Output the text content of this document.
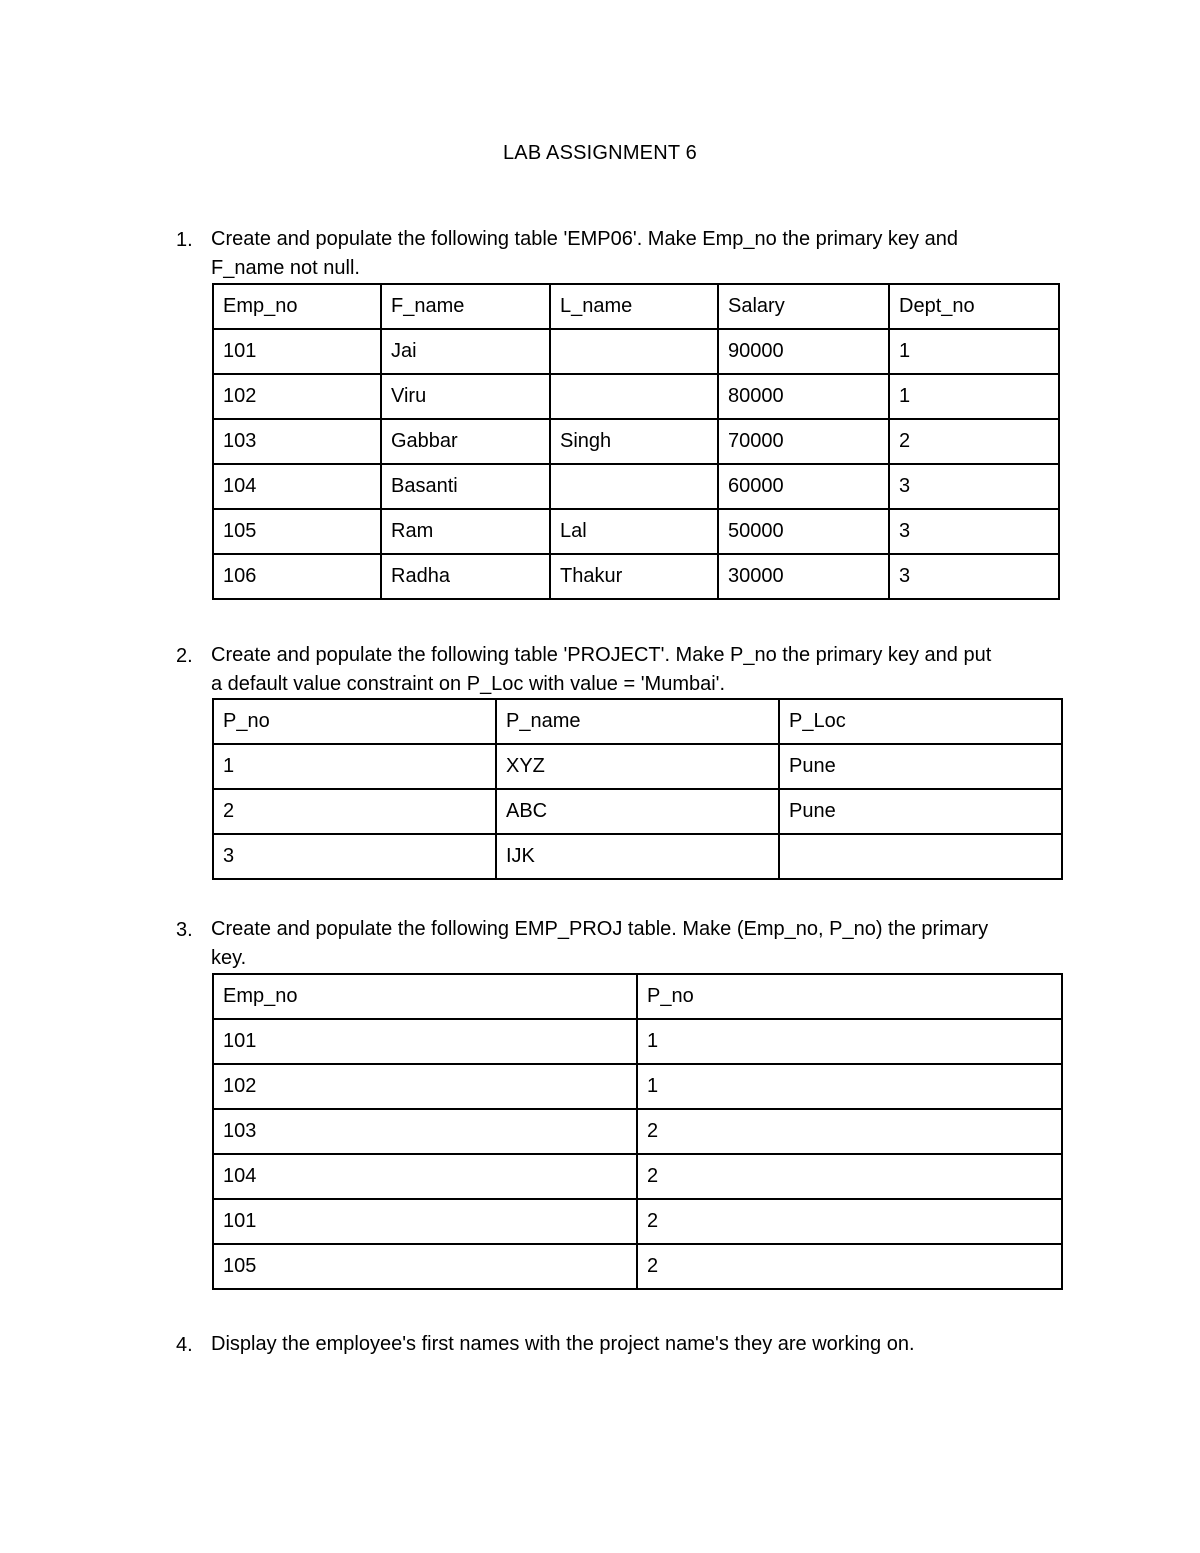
LAB ASSIGNMENT 6
1. Create and populate the following table 'EMP06'. Make Emp_no the primary key and
F_name not null.
Emp_no	F_name	L_name	Salary	Dept_no
101	Jai		90000	1
102	Viru		80000	1
103	Gabbar	Singh	70000	2
104	Basanti		60000	3
105	Ram	Lal	50000	3
106	Radha	Thakur	30000	3
2. Create and populate the following table 'PROJECT'. Make P_no the primary key and put
a default value constraint on P_Loc with value = 'Mumbai'.
P_no	P_name	P_Loc
1	XYZ	Pune
2	ABC	Pune
3	IJK	
3. Create and populate the following EMP_PROJ table. Make (Emp_no, P_no) the primary
key.
Emp_no	P_no
101	1
102	1
103	2
104	2
101	2
105	2
4. Display the employee's first names with the project name's they are working on.
